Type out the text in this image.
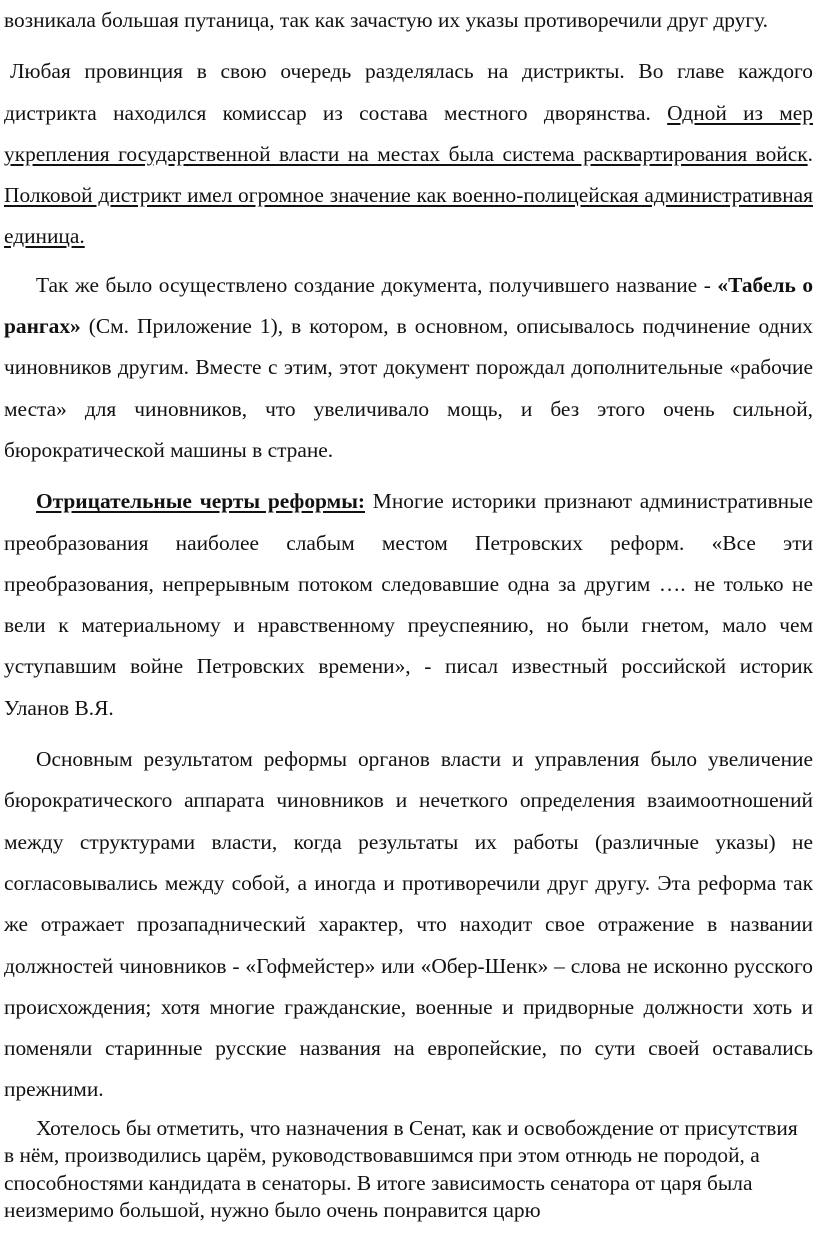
возникала большая путаница, так как зачастую их указы противоречили друг другу.

Любая провинция в свою очередь разделялась на дистрикты. Во главе каждого дистрикта находился комиссар из состава местного дворянства. Одной из мер укрепления государственной власти на местах была система расквартирования войск. Полковой дистрикт имел огромное значение как военно-полицейская административная единица.

Так же было осуществлено создание документа, получившего название - «Табель о рангах» (См. Приложение 1), в котором, в основном, описывалось подчинение одних чиновников другим. Вместе с этим, этот документ порождал дополнительные «рабочие места» для чиновников, что увеличивало мощь, и без этого очень сильной, бюрократической машины в стране.

Отрицательные черты реформы: Многие историки признают административные преобразования наиболее слабым местом Петровских реформ. «Все эти преобразования, непрерывным потоком следовавшие одна за другим …. не только не вели к материальному и нравственному преуспеянию, но были гнетом, мало чем уступавшим войне Петровских времени», - писал известный российской историк Уланов В.Я.

Основным результатом реформы органов власти и управления было увеличение бюрократического аппарата чиновников и нечеткого определения взаимоотношений между структурами власти, когда результаты их работы (различные указы) не согласовывались между собой, а иногда и противоречили друг другу. Эта реформа так же отражает прозападнический характер, что находит свое отражение в названии должностей чиновников - «Гофмейстер» или «Обер-Шенк» – слова не исконно русского происхождения; хотя многие гражданские, военные и придворные должности хоть и поменяли старинные русские названия на европейские, по сути своей оставались прежними.

Хотелось бы отметить, что назначения в Сенат, как и освобождение от присутствия в нём, производились царём, руководствовавшимся при этом отнюдь не породой, а способностями кандидата в сенаторы. В итоге зависимость сенатора от царя была неизмеримо большой, нужно было очень понравится царю
